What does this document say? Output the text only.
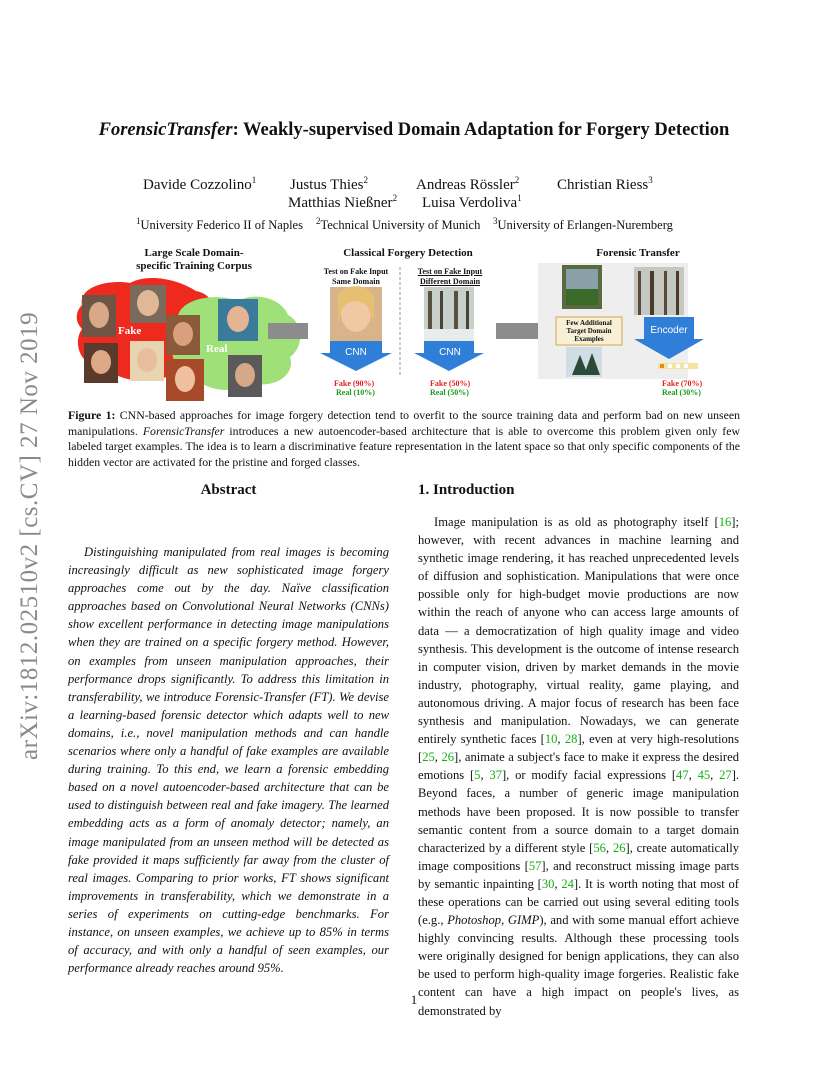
arXiv:1812.02510v2 [cs.CV] 27 Nov 2019
ForensicTransfer: Weakly-supervised Domain Adaptation for Forgery Detection
Davide Cozzolino$^1$ Justus Thies$^2$	Andreas Rössler$^2$	Christian Riess$^3$
Matthias Nießner$^2$ Luisa Verdoliva$^1$
$^1$University Federico II of Naples $^2$Technical University of Munich $^3$University of Erlangen-Nuremberg
Large Scale Domain-specific Training Corpus
Classical Forgery Detection	Forensic Transfer
Fake
Real
Test on Fake Input Same Domain
Test on Fake Input Different Domain
CNN	CNN
Encoder
Few Additional Target Domain Examples
Fake (90%)
Real (10%)
Fake (50%)
Real (50%)
Fake (70%)
Real (30%)
Figure 1: CNN-based approaches for image forgery detection tend to overfit to the source training data and perform bad on new unseen manipulations. ForensicTransfer introduces a new autoencoder-based architecture that is able to overcome this problem given only few labeled target examples. The idea is to learn a discriminative feature representation in the latent space so that only specific components of the hidden vector are activated for the pristine and forged classes.
Abstract
Distinguishing manipulated from real images is becoming increasingly difficult as new sophisticated image forgery approaches come out by the day. Naïve classification approaches based on Convolutional Neural Networks (CNNs) show excellent performance in detecting image manipulations when they are trained on a specific forgery method. However, on examples from unseen manipulation approaches, their performance drops significantly. To address this limitation in transferability, we introduce Forensic-Transfer (FT). We devise a learning-based forensic detector which adapts well to new domains, i.e., novel manipulation methods and can handle scenarios where only a handful of fake examples are available during training. To this end, we learn a forensic embedding based on a novel autoencoder-based architecture that can be used to distinguish between real and fake imagery. The learned embedding acts as a form of anomaly detector; namely, an image manipulated from an unseen method will be detected as fake provided it maps sufficiently far away from the cluster of real images. Comparing to prior works, FT shows significant improvements in transferability, which we demonstrate in a series of experiments on cutting-edge benchmarks. For instance, on unseen examples, we achieve up to 85% in terms of accuracy, and with only a handful of seen examples, our performance already reaches around 95%.
1. Introduction
Image manipulation is as old as photography itself [16]; however, with recent advances in machine learning and synthetic image rendering, it has reached unprecedented levels of diffusion and sophistication. Manipulations that were once possible only for high-budget movie productions are now within the reach of anyone who can access large amounts of data — a democratization of high quality image and video synthesis. This development is the outcome of intense research in computer vision, driven by market demands in the movie industry, photography, virtual reality, game playing, and autonomous driving. A major focus of research has been face synthesis and manipulation. Nowadays, we can generate entirely synthetic faces [10, 28], even at very high-resolutions [25, 26], animate a subject's face to make it express the desired emotions [5, 37], or modify facial expressions [47, 45, 27]. Beyond faces, a number of generic image manipulation methods have been proposed. It is now possible to transfer semantic content from a source domain to a target domain characterized by a different style [56, 26], create automatically image compositions [57], and reconstruct missing image parts by semantic inpainting [30, 24]. It is worth noting that most of these operations can be carried out using several editing tools (e.g., Photoshop, GIMP), and with some manual effort achieve highly convincing results. Although these processing tools were originally designed for benign applications, they can also be used to perform high-quality image forgeries. Realistic fake content can have a high impact on people's lives, as demonstrated by
1
